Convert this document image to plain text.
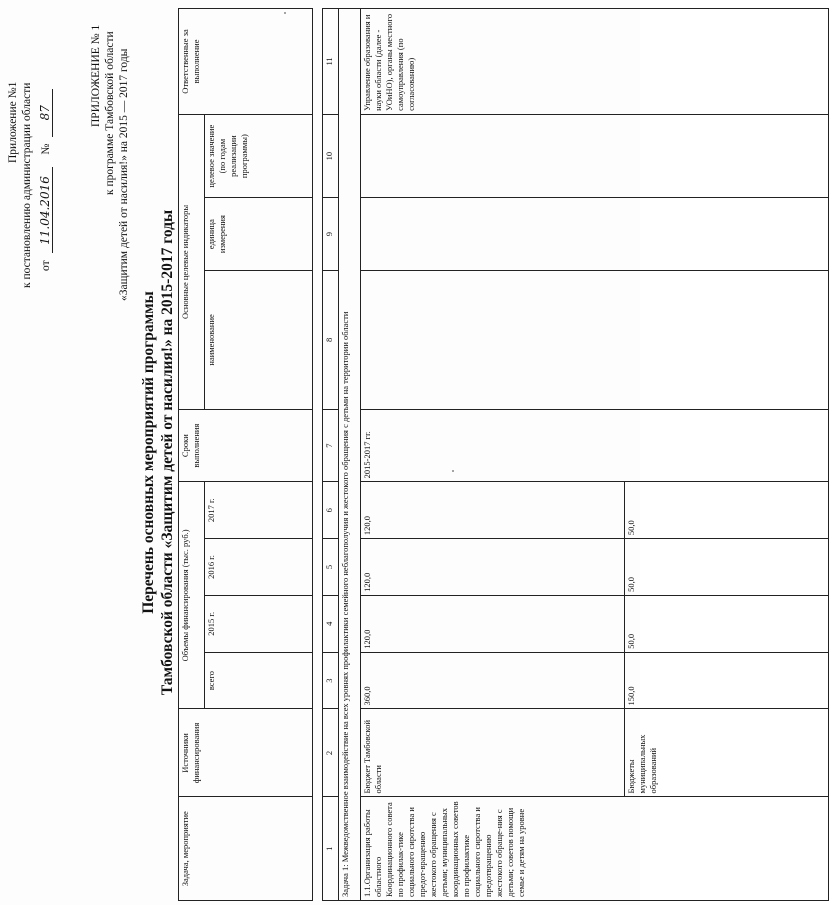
Приложение №1 к постановлению администрации области от 11.04.2016 № 87	ПРИЛОЖЕНИЕ № 1 к программе Тамбовской области «Защитим детей от насилия!» на 2015 — 2017 годы
Перечень основных мероприятий программы Тамбовской области «Защитим детей от насилия!» на 2015-2017 годы
Задача, мероприятие	Источники финансирования	Объемы финансирования (тыс. руб.)				Сроки выполнения	Основные целевые индикаторы			Ответственные за выполнение
		всего	2015 г.	2016 г.	2017 г.		наименование	единица измерения	целевое значение (по годам реализации программы)	
1	2	3	4	5	6	7	8	9	10	11
Задача 1: Межведомственное взаимодействие на всех уровнях профилактики семейного неблагополучия и жестокого обращения с детьми на территории области										
1.1.Организация работы областного Координационного совета по профилак-тике социального сиротства и предот-вращению жестокого обращения с детьми; муниципальных координационных советов по профилактике социального сиротства и предотвращению жестокого обраще-ния с детьми; советов помощи семье и детям на уровне	Бюджет Тамбовской области	360,0	120,0	120,0	120,0	2015-2017 гг.				Управление образования и науки области (далее - УОиНО), органы местного самоуправления (по согласованию)
	Бюджеты муниципальных образований	150,0	50,0	50,0	50,0					
